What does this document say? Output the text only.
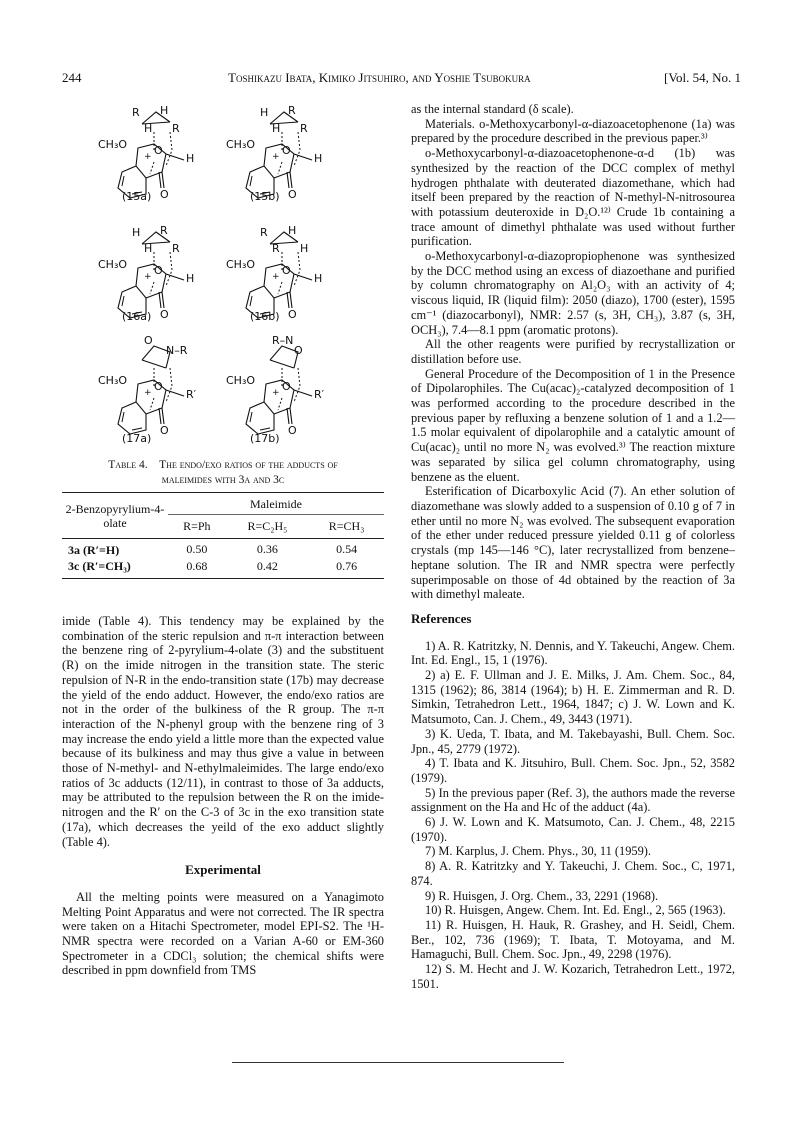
244	Toshikazu Ibata, Kimiko Jitsuhiro, and Yoshie Tsubokura	[Vol. 54, No. 1
R H
H R
CH₃O O
+	H
O
(15a)
H R
H R
CH₃O O
+	H
O
(15b)
H R
H R
CH₃O O
+	H
O
(16a)
R H
R H
CH₃O O
+	H
O
(16b)
O
N–R
CH₃O O
+	R′
O
(17a)
R–N
O
CH₃O O
+	R′
O
(17b)
Table 4. The endo/exo ratios of the adducts of
maleimides with 3a and 3c
2-Benzopyrylium-4-olate	Maleimide		
	R=Ph	R=C₂H₅	R=CH₃
3a (R′=H)	0.50	0.36	0.54
3c (R′=CH₃)	0.68	0.42	0.76

imide (Table 4). This tendency may be explained by the combination of the steric repulsion and π-π interaction between the benzene ring of 2-pyrylium-4-olate (3) and the substituent (R) on the imide nitrogen in the transition state. The steric repulsion of N-R in the endo-transition state (17b) may decrease the yield of the endo adduct. However, the endo/exo ratios are not in the order of the bulkiness of the R group. The π-π interaction of the N-phenyl group with the benzene ring of 3 may increase the endo yield a little more than the expected value because of its bulkiness and may thus give a value in between those of N-methyl- and N-ethylmaleimides. The large endo/exo ratios of 3c adducts (12/11), in contrast to those of 3a adducts, may be attributed to the repulsion between the R on the imide-nitrogen and the R′ on the C-3 of 3c in the exo transition state (17a), which decreases the yeild of the exo adduct slightly (Table 4).

Experimental

All the melting points were measured on a Yanagimoto Melting Point Apparatus and were not corrected. The IR spectra were taken on a Hitachi Spectrometer, model EPI-S2. The ¹H-NMR spectra were recorded on a Varian A-60 or EM-360 Spectrometer in a CDCl₃ solution; the chemical shifts were described in ppm downfield from TMS

as the internal standard (δ scale).

Materials. o-Methoxycarbonyl-α-diazoacetophenone (1a) was prepared by the procedure described in the previous paper.³⁾

o-Methoxycarbonyl-α-diazoacetophenone-α-d (1b) was synthesized by the reaction of the DCC complex of methyl hydrogen phthalate with deuterated diazomethane, which had itself been prepared by the reaction of N-methyl-N-nitrosourea with potassium deuteroxide in D₂O.¹²⁾ Crude 1b containing a trace amount of dimethyl phthalate was used without further purification.

o-Methoxycarbonyl-α-diazopropiophenone was synthesized by the DCC method using an excess of diazoethane and purified by column chromatography on Al₂O₃ with an activity of 4; viscous liquid, IR (liquid film): 2050 (diazo), 1700 (ester), 1595 cm⁻¹ (diazocarbonyl), NMR: 2.57 (s, 3H, CH₃), 3.87 (s, 3H, OCH₃), 7.4—8.1 ppm (aromatic protons).

All the other reagents were purified by recrystallization or distillation before use.

General Procedure of the Decomposition of 1 in the Presence of Dipolarophiles. The Cu(acac)₂-catalyzed decomposition of 1 was performed according to the procedure described in the previous paper by refluxing a benzene solution of 1 and a 1.2—1.5 molar equivalent of dipolarophile and a catalytic amount of Cu(acac)₂ until no more N₂ was evolved.³⁾ The reaction mixture was separated by silica gel column chromatography, using benzene as the eluent.

Esterification of Dicarboxylic Acid (7). An ether solution of diazomethane was slowly added to a suspension of 0.10 g of 7 in ether until no more N₂ was evolved. The subsequent evaporation of the ether under reduced pressure yielded 0.11 g of colorless crystals (mp 145—146 °C), later recrystallized from benzene–heptane solution. The IR and NMR spectra were perfectly superimposable on those of 4d obtained by the reaction of 3a with dimethyl maleate.

References

1) A. R. Katritzky, N. Dennis, and Y. Takeuchi, Angew. Chem. Int. Ed. Engl., 15, 1 (1976).

2) a) E. F. Ullman and J. E. Milks, J. Am. Chem. Soc., 84, 1315 (1962); 86, 3814 (1964); b) H. E. Zimmerman and R. D. Simkin, Tetrahedron Lett., 1964, 1847; c) J. W. Lown and K. Matsumoto, Can. J. Chem., 49, 3443 (1971).

3) K. Ueda, T. Ibata, and M. Takebayashi, Bull. Chem. Soc. Jpn., 45, 2779 (1972).

4) T. Ibata and K. Jitsuhiro, Bull. Chem. Soc. Jpn., 52, 3582 (1979).

5) In the previous paper (Ref. 3), the authors made the reverse assignment on the Ha and Hc of the adduct (4a).

6) J. W. Lown and K. Matsumoto, Can. J. Chem., 48, 2215 (1970).

7) M. Karplus, J. Chem. Phys., 30, 11 (1959).

8) A. R. Katritzky and Y. Takeuchi, J. Chem. Soc., C, 1971, 874.

9) R. Huisgen, J. Org. Chem., 33, 2291 (1968).

10) R. Huisgen, Angew. Chem. Int. Ed. Engl., 2, 565 (1963).

11) R. Huisgen, H. Hauk, R. Grashey, and H. Seidl, Chem. Ber., 102, 736 (1969); T. Ibata, T. Motoyama, and M. Hamaguchi, Bull. Chem. Soc. Jpn., 49, 2298 (1976).

12) S. M. Hecht and J. W. Kozarich, Tetrahedron Lett., 1972, 1501.
